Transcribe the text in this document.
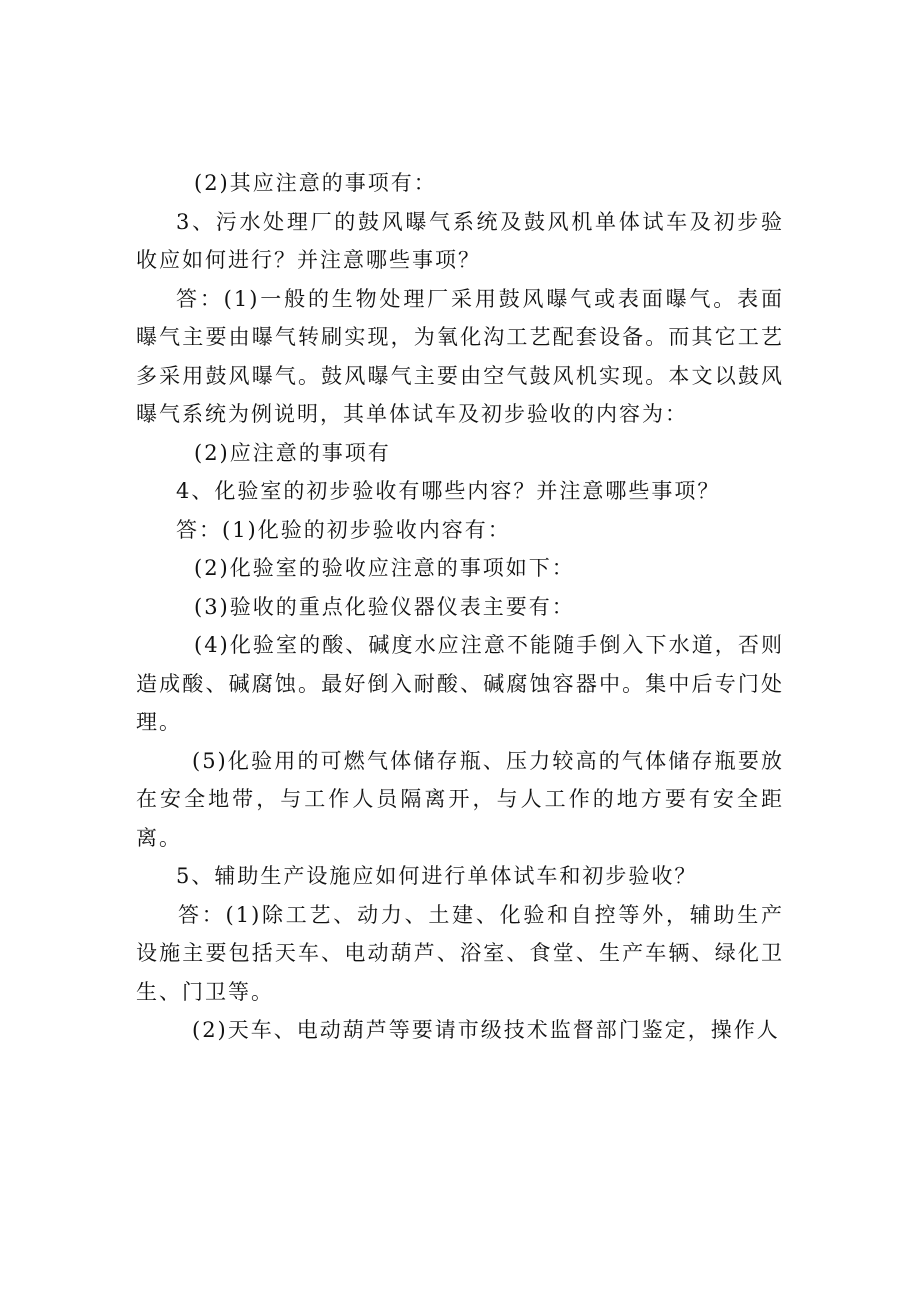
(2)其应注意的事项有：

3、污水处理厂的鼓风曝气系统及鼓风机单体试车及初步验收应如何进行？并注意哪些事项？

答：(1)一般的生物处理厂采用鼓风曝气或表面曝气。表面曝气主要由曝气转刷实现，为氧化沟工艺配套设备。而其它工艺多采用鼓风曝气。鼓风曝气主要由空气鼓风机实现。本文以鼓风曝气系统为例说明，其单体试车及初步验收的内容为：

(2)应注意的事项有

4、化验室的初步验收有哪些内容？并注意哪些事项？

答：(1)化验的初步验收内容有：

(2)化验室的验收应注意的事项如下：

(3)验收的重点化验仪器仪表主要有：

(4)化验室的酸、碱度水应注意不能随手倒入下水道，否则造成酸、碱腐蚀。最好倒入耐酸、碱腐蚀容器中。集中后专门处理。

(5)化验用的可燃气体储存瓶、压力较高的气体储存瓶要放在安全地带，与工作人员隔离开，与人工作的地方要有安全距离。

5、辅助生产设施应如何进行单体试车和初步验收？

答：(1)除工艺、动力、土建、化验和自控等外，辅助生产设施主要包括天车、电动葫芦、浴室、食堂、生产车辆、绿化卫生、门卫等。

(2)天车、电动葫芦等要请市级技术监督部门鉴定，操作人
